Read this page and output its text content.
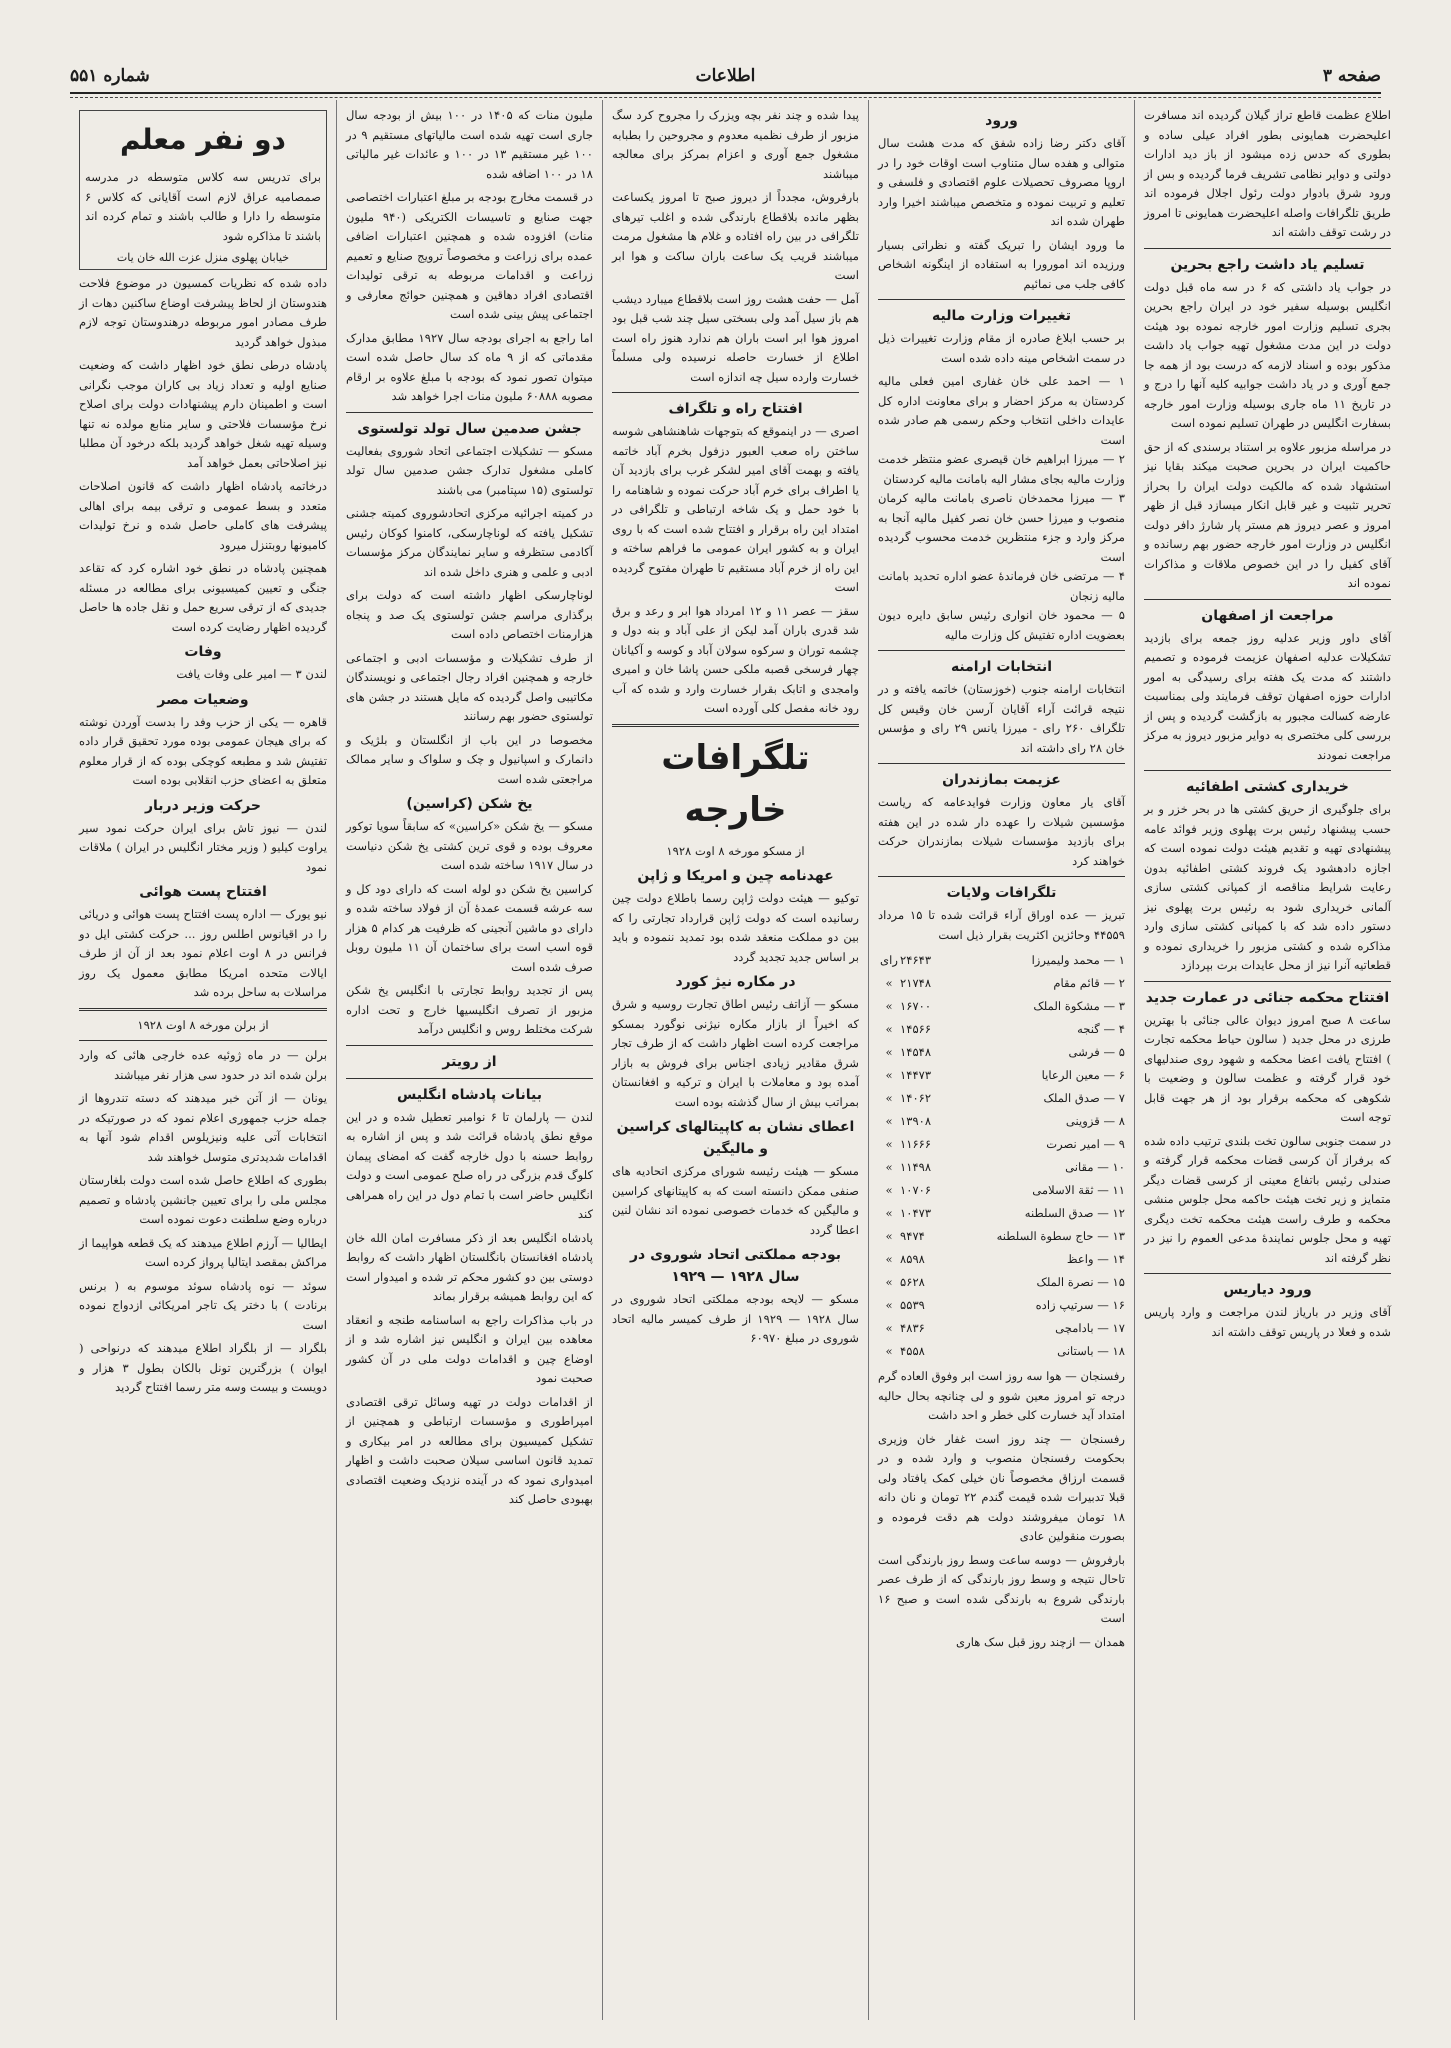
صفحه ۳
اطلاعات
شماره ۵۵۱
اطلاع عظمت قاطع تراز گیلان گردیده اند مسافرت اعلیحضرت همایونی بطور افراد عیلی ساده و بطوری که حدس زده میشود از باز دید ادارات دولتی و دوایر نظامی تشریف فرما گردیده و بس از ورود شرق بادوار دولت رئول اجلال فرموده اند طریق تلگرافات واصله اعلیحضرت همایونی تا امروز در رشت توقف داشته اند
تسلیم یاد داشت راجع بحرین
در جواب یاد داشتی که ۶ در سه ماه قبل دولت انگلیس بوسیله سفیر خود در ایران راجع بحرین بجری تسلیم وزارت امور خارجه نموده بود هیئت دولت در این مدت مشغول تهیه جواب یاد داشت مذکور بوده و اسناد لازمه که درست بود از همه جا جمع آوری و در یاد داشت جوابیه کلیه آنها را درج و در تاریخ ۱۱ ماه جاری بوسیله وزارت امور خارجه بسفارت انگلیس در طهران تسلیم نموده است
در مراسله مزبور علاوه بر استناد برسندی که از حق حاکمیت ایران در بحرین صحبت میکند بقایا نیز استشهاد شده که مالکیت دولت ایران را بحراز تحریر تثبیت و غیر قابل انکار میسازد قبل از ظهر امروز و عصر دیروز هم مستر پار شارژ دافر دولت انگلیس در وزارت امور خارجه حضور بهم رسانده و آقای کفیل را در این خصوص ملاقات و مذاکرات نموده اند
مراجعت از اصفهان
آقای داور وزیر عدلیه روز جمعه برای بازدید تشکیلات عدلیه اصفهان عزیمت فرموده و تصمیم داشتند که مدت یک هفته برای رسیدگی به امور ادارات حوزه اصفهان توقف فرمایند ولی بمناسبت عارضه کسالت مجبور به بازگشت گردیده و پس از بررسی کلی مختصری به دوایر مزبور دیروز به مرکز مراجعت نمودند
خریداری کشتی اطفائیه
برای جلوگیری از حریق کشتی ها در بحر خزر و بر حسب پیشنهاد رئیس برت پهلوی وزیر فوائد عامه پیشنهادی تهیه و تقدیم هیئت دولت نموده است که اجازه دادهشود یک فروند کشتی اطفائیه بدون رعایت شرایط مناقصه از کمپانی کشتی سازی آلمانی خریداری شود به رئیس برت پهلوی نیز دستور داده شد که با کمپانی کشتی سازی وارد مذاکره شده و کشتی مزبور را خریداری نموده و قطعاتیه آنرا نیز از محل عایدات برت بپردازد
افتتاح محکمه جنائی در عمارت جدید
ساعت ۸ صبح امروز دیوان عالی جنائی با بهترین طرزی در محل جدید ( سالون حیاط محکمه تجارت ) افتتاح یافت اعضا محکمه و شهود روی صندلیهای خود قرار گرفته و عظمت سالون و وضعیت با شکوهی که محکمه برقرار بود از هر جهت قابل توجه است
در سمت جنوبی سالون تخت بلندی ترتیب داده شده که برفراز آن کرسی قضات محکمه قرار گرفته و صندلی رئیس باتفاع معینی از کرسی قضات دیگر متمایز و زیر تخت هیئت حاکمه محل جلوس منشی محکمه و طرف راست هیئت محکمه تخت دیگری تهیه و محل جلوس نمایندهٔ مدعی العموم را نیز در نظر گرفته اند
ورود دیاریس
آقای وزیر در باریاز لندن مراجعت و وارد پاریس شده و فعلا در پاریس توقف داشته اند
ورود
آقای دکتر رضا زاده شفق که مدت هشت سال متوالی و هفده سال متناوب است اوقات خود را در اروپا مصروف تحصیلات علوم اقتصادی و فلسفی و تعلیم و تربیت نموده و متخصص میباشند اخیرا وارد طهران شده اند
ما ورود ایشان را تبریک گفته و نظراتی بسیار ورزیده اند امورورا به استفاده از اینگونه اشخاص کافی جلب می نمائیم
تغییرات وزارت مالیه
بر حسب ابلاغ صادره از مقام وزارت تغییرات ذیل در سمت اشخاص مینه داده شده است
۱ — احمد علی خان غفاری امین فعلی مالیه کردستان به مرکز احضار و برای معاونت اداره کل عایدات داخلی انتخاب وحکم رسمی هم صادر شده است
۲ — میرزا ابراهیم خان قیصری عضو منتظر خدمت وزارت مالیه بجای مشار الیه بامانت مالیه کردستان
۳ — میرزا محمدخان ناصری بامانت مالیه کرمان منصوب و میرزا حسن خان نصر کفیل مالیه آنجا به مرکز وارد و جزء منتظرین خدمت محسوب گردیده است
۴ — مرتضی خان فرماندهٔ عضو اداره تحدید بامانت مالیه زنجان
۵ — محمود خان انواری رئیس سابق دایره دیون بعضویت اداره تفتیش کل وزارت مالیه
انتخابات ارامنه
انتخابات ارامنه جنوب (خوزستان) خاتمه یافته و در نتیجه قرائت آراء آقایان آرسن خان وقیس کل تلگراف ۲۶۰ رای - میرزا یانس ۲۹ رای و مؤسس خان ۲۸ رای داشته اند
عزیمت بمازندران
آقای یار معاون وزارت فوایدعامه که ریاست مؤسسین شیلات را عهده دار شده در این هفته برای بازدید مؤسسات شیلات بمازندران حرکت خواهند کرد
تلگرافات ولایات
تبریز — عده اوراق آراء قرائت شده تا ۱۵ مرداد ۴۴۵۵۹ وحائزین اکثریت بقرار ذیل است
۱ — محمد ولیمیرزا
۲۴۶۴۳
رای
۲ — قائم مقام
۲۱۷۴۸
»
۳ — مشکوة الملک
۱۶۷۰۰
»
۴ — گنجه
۱۴۵۶۶
»
۵ — فرشی
۱۴۵۴۸
»
۶ — معین الرعایا
۱۴۴۷۳
»
۷ — صدق الملک
۱۴۰۶۲
»
۸ — قزوینی
۱۳۹۰۸
»
۹ — امیر نصرت
۱۱۶۶۶
»
۱۰ — مقانی
۱۱۴۹۸
»
۱۱ — ثقة الاسلامی
۱۰۷۰۶
»
۱۲ — صدق السلطنه
۱۰۴۷۳
»
۱۳ — حاج سطوة السلطنه
۹۴۷۴
»
۱۴ — واعظ
۸۵۹۸
»
۱۵ — نصرة الملک
۵۶۲۸
»
۱۶ — سرتیپ زاده
۵۵۳۹
»
۱۷ — بادامچی
۴۸۳۶
»
۱۸ — باستانی
۴۵۵۸
»
رفسنجان — هوا سه روز است ابر وفوق العاده گرم درجه تو امروز معین شوو و لی چنانچه بحال حالیه امتداد آید خسارت کلی خطر و احد داشت
رفسنجان — چند روز است غفار خان وزیری بحکومت رفسنجان منصوب و وارد شده و در قسمت ارزاق مخصوصاً نان خیلی کمک یافتاد ولی قبلا تدبیرات شده قیمت گندم ۲۲ تومان و نان دانه ۱۸ تومان میفروشند دولت هم دقت فرموده و بصورت منقولین عادی
بارفروش — دوسه ساعت وسط روز بارندگی است تاحال نتیجه و وسط روز بارندگی که از طرف عصر بارندگی شروع به بارندگی شده است و صبح ۱۶ است
همدان — ازچند روز قبل سک هاری
پیدا شده و چند نفر بچه ویزرک را مجروح کرد سگ مزبور از طرف نظمیه معدوم و مجروحین را بطبابه مشغول جمع آوری و اعزام بمرکز برای معالجه میباشند
بارفروش، مجدداً از دیروز صبح تا امروز یکساعت بظهر مانده بلاقطاع بارندگی شده و اغلب تیرهای تلگرافی در بین راه افتاده و غلام ها مشغول مرمت میباشند قریب یک ساعت باران ساکت و هوا ابر است
آمل — حفت هشت روز است بلاقطاع میبارد دیشب هم باز سیل آمد ولی بسختی سیل چند شب قبل بود امروز هوا ابر است باران هم ندارد هنوز راه است اطلاع از خسارت حاصله نرسیده ولی مسلماً خسارت وارده سیل چه اندازه است
افتتاح راه و تلگراف
اصری — در اینموقع که بتوجهات شاهنشاهی شوسه ساختن راه صعب العبور دزفول بخرم آباد خاتمه یافته و بهمت آقای امیر لشکر غرب برای بازدید آن یا اطراف برای خرم آباد حرکت نموده و شاهنامه را با خود حمل و یک شاخه ارتباطی و تلگرافی در امتداد این راه برقرار و افتتاح شده است که با روی ایران و به کشور ایران عمومی ما فراهم ساخته و این راه از خرم آباد مستقیم تا طهران مفتوح گردیده است
سقز — عصر ۱۱ و ۱۲ امرداد هوا ابر و رعد و برق شد قدری باران آمد لیکن از علی آباد و بنه دول و چشمه توران و سرکوه سولان آباد و کوسه و آکیانان چهار فرسخی قصبه ملکی حسن پاشا خان و امیری وامجدی و اتابک بقرار خسارت وارد و شده که آب رود خانه مفصل کلی آورده است
تلگرافات خارجه
از مسکو مورخه ۸ اوت ۱۹۲۸
عهدنامه چین و امریکا و ژاپن
توکیو — هیئت دولت ژاپن رسما باطلاع دولت چین رسانیده است که دولت ژاپن قرارداد تجارتی را که بین دو مملکت منعقد شده بود تمدید ننموده و باید بر اساس جدید تجدید گردد
در مکاره نیژ کورد
مسکو — آزاتف رئیس اطاق تجارت روسیه و شرق که اخیراً از بازار مکاره نیژنی نوگورد بمسکو مراجعت کرده است اظهار داشت که از طرف تجار شرق مقادیر زیادی اجناس برای فروش به بازار آمده بود و معاملات با ایران و ترکیه و افغانستان بمراتب بیش از سال گذشته بوده است
اعطای نشان به کاپیتالهای کراسین و مالیگین
مسکو — هیئت رئیسه شورای مرکزی اتحادیه های صنفی ممکن دانسته است که به کاپیتانهای کراسین و مالیگین که خدمات خصوصی نموده اند نشان لنین اعطا گردد
بودجه مملکتی اتحاد شوروی در سال ۱۹۲۸ — ۱۹۲۹
مسکو — لایحه بودجه مملکتی اتحاد شوروی در سال ۱۹۲۸ — ۱۹۲۹ از طرف کمیسر مالیه اتحاد شوروی در مبلغ ۶۰۹۷۰
ملیون منات که ۱۴۰۵ در ۱۰۰ بیش از بودجه سال جاری است تهیه شده است مالیاتهای مستقیم ۹ در ۱۰۰ غیر مستقیم ۱۳ در ۱۰۰ و عائدات غیر مالیاتی ۱۸ در ۱۰۰ اضافه شده
در قسمت مخارج بودجه بر مبلغ اعتبارات اختصاصی جهت صنایع و تاسیسات الکتریکی (۹۴۰ ملیون منات) افزوده شده و همچنین اعتبارات اضافی عمده برای زراعت و مخصوصاً ترویج صنایع و تعمیم زراعت و اقدامات مربوطه به ترقی تولیدات اقتصادی افراد دهاقین و همچنین حوائج معارفی و اجتماعی پیش بینی شده است
اما راجع به اجرای بودجه سال ۱۹۲۷ مطابق مدارک مقدماتی که از ۹ ماه کد سال حاصل شده است میتوان تصور نمود که بودجه با مبلغ علاوه بر ارقام مصوبه ۶۰۸۸۸ ملیون منات اجرا خواهد شد
جشن صدمین سال تولد تولستوی
مسکو — تشکیلات اجتماعی اتحاد شوروی بفعالیت کاملی مشغول تدارک جشن صدمین سال تولد تولستوی (۱۵ سپتامبر) می باشند
در کمیته اجرائیه مرکزی اتحادشوروی کمیته جشنی تشکیل یافته که لوناچارسکی، کامنوا کوکان رئیس آکادمی ستظرفه و سایر نمایندگان مرکز مؤسسات ادبی و علمی و هنری داخل شده اند
لوناچارسکی اظهار داشته است که دولت برای برگذاری مراسم جشن تولستوی یک صد و پنجاه هزارمنات اختصاص داده است
از طرف تشکیلات و مؤسسات ادبی و اجتماعی خارجه و همچنین افراد رجال اجتماعی و نویسندگان مکاتیبی واصل گردیده که مایل هستند در جشن های تولستوی حضور بهم رسانند
مخصوصا در این باب از انگلستان و بلژیک و دانمارک و اسپانیول و چک و سلواک و سایر ممالک مراجعتی شده است
یخ شکن (کراسین)
مسکو — یخ شکن «کراسین» که سابقاً سویا توکور معروف بوده و قوی ترین کشتی یخ شکن دنیاست در سال ۱۹۱۷ ساخته شده است
کراسین یخ شکن دو لوله است که دارای دود کل و سه عرشه قسمت عمدهٔ آن از فولاد ساخته شده و دارای دو ماشین آنجینی که ظرفیت هر کدام ۵ هزار قوه اسب است برای ساختمان آن ۱۱ ملیون روبل صرف شده است
پس از تجدید روابط تجارتی با انگلیس یخ شکن مزبور از تصرف انگلیسیها خارج و تحت اداره شرکت مختلط روس و انگلیس درآمد
از رویتر
بیانات پادشاه انگلیس
لندن — پارلمان تا ۶ نوامبر تعطیل شده و در این موقع نطق پادشاه قرائت شد و پس از اشاره به روابط حسنه با دول خارجه گفت که امضای پیمان کلوگ قدم بزرگی در راه صلح عمومی است و دولت انگلیس حاضر است با تمام دول در این راه همراهی کند
پادشاه انگلیس بعد از ذکر مسافرت امان الله خان پادشاه افغانستان بانگلستان اظهار داشت که روابط دوستی بین دو کشور محکم تر شده و امیدوار است که این روابط همیشه برقرار بماند
در باب مذاکرات راجع به اساسنامه طنجه و انعقاد معاهده بین ایران و انگلیس نیز اشاره شد و از اوضاع چین و اقدامات دولت ملی در آن کشور صحبت نمود
از اقدامات دولت در تهیه وسائل ترقی اقتصادی امپراطوری و مؤسسات ارتباطی و همچنین از تشکیل کمیسیون برای مطالعه در امر بیکاری و تمدید قانون اساسی سیلان صحبت داشت و اظهار امیدواری نمود که در آینده نزدیک وضعیت اقتصادی بهبودی حاصل کند
دو نفر معلم
برای تدریس سه کلاس متوسطه در مدرسه صمصامیه عراق لازم است آقایانی که کلاس ۶ متوسطه را دارا و طالب باشند و تمام کرده اند باشند تا مذاکره شود
خیابان پهلوی منزل عزت الله خان یات
داده شده که نظریات کمسیون در موضوع فلاحت هندوستان از لحاظ پیشرفت اوضاع ساکنین دهات از طرف مصادر امور مربوطه درهندوستان توجه لازم مبذول خواهد گردید
پادشاه درطی نطق خود اظهار داشت که وضعیت صنایع اولیه و تعداد زیاد بی کاران موجب نگرانی است و اطمینان دارم پیشنهادات دولت برای اصلاح نرخ مؤسسات فلاحتی و سایر منابع مولده نه تنها وسیله تهیه شغل خواهد گردید بلکه درخود آن مطلبا نیز اصلاحاتی بعمل خواهد آمد
درخاتمه پادشاه اظهار داشت که قانون اصلاحات متعدد و بسط عمومی و ترقی بیمه برای اهالی پیشرفت های کاملی حاصل شده و نرخ تولیدات کامیونها روبتنزل میرود
همچنین پادشاه در نطق خود اشاره کرد که تقاعد جنگی و تعیین کمیسیونی برای مطالعه در مسئله جدیدی که از ترقی سریع حمل و نقل جاده ها حاصل گردیده اظهار رضایت کرده است
وفات
لندن ۳ — امیر علی وفات یافت
وضعیات مصر
قاهره — یکی از حزب وفد را بدست آوردن نوشته که برای هیجان عمومی بوده مورد تحقیق قرار داده تفتیش شد و مطبعه کوچکی بوده که از قرار معلوم متعلق به اعضای حزب انقلابی بوده است
حرکت وزیر دربار
لندن — نیوز تاش برای ایران حرکت نمود سیر یراوت کیلیو ( وزیر مختار انگلیس در ایران ) ملاقات نمود
افتتاح پست هوائی
نیو یورک — اداره پست افتتاح پست هوائی و دریائی را در اقیانوس اطلس روز ... حرکت کشتی ایل دو فرانس در ۸ اوت اعلام نمود بعد از آن از طرف ایالات متحده امریکا مطابق معمول یک روز مراسلات به ساحل برده شد
از برلن مورخه ۸ اوت ۱۹۲۸
برلن — در ماه ژوئیه عده خارجی هائی که وارد برلن شده اند در حدود سی هزار نفر میباشند
یونان — از آتن خبر میدهند که دسته تندروها از جمله حزب جمهوری اعلام نمود که در صورتیکه در انتخابات آتی علیه ونیزیلوس اقدام شود آنها به اقدامات شدیدتری متوسل خواهند شد
بطوری که اطلاع حاصل شده است دولت بلغارستان مجلس ملی را برای تعیین جانشین پادشاه و تصمیم درباره وضع سلطنت دعوت نموده است
ایطالیا — آرزم اطلاع میدهند که یک قطعه هواپیما از مراکش بمقصد ایتالیا پرواز کرده است
سوئد — نوه پادشاه سوئد موسوم به ( برنس برنادت ) با دختر یک تاجر امریکائی ازدواج نموده است
بلگراد — از بلگراد اطلاع میدهند که درنواحی ( ایوان ) بزرگترین تونل بالکان بطول ۳ هزار و دویست و بیست وسه متر رسما افتتاح گردید
